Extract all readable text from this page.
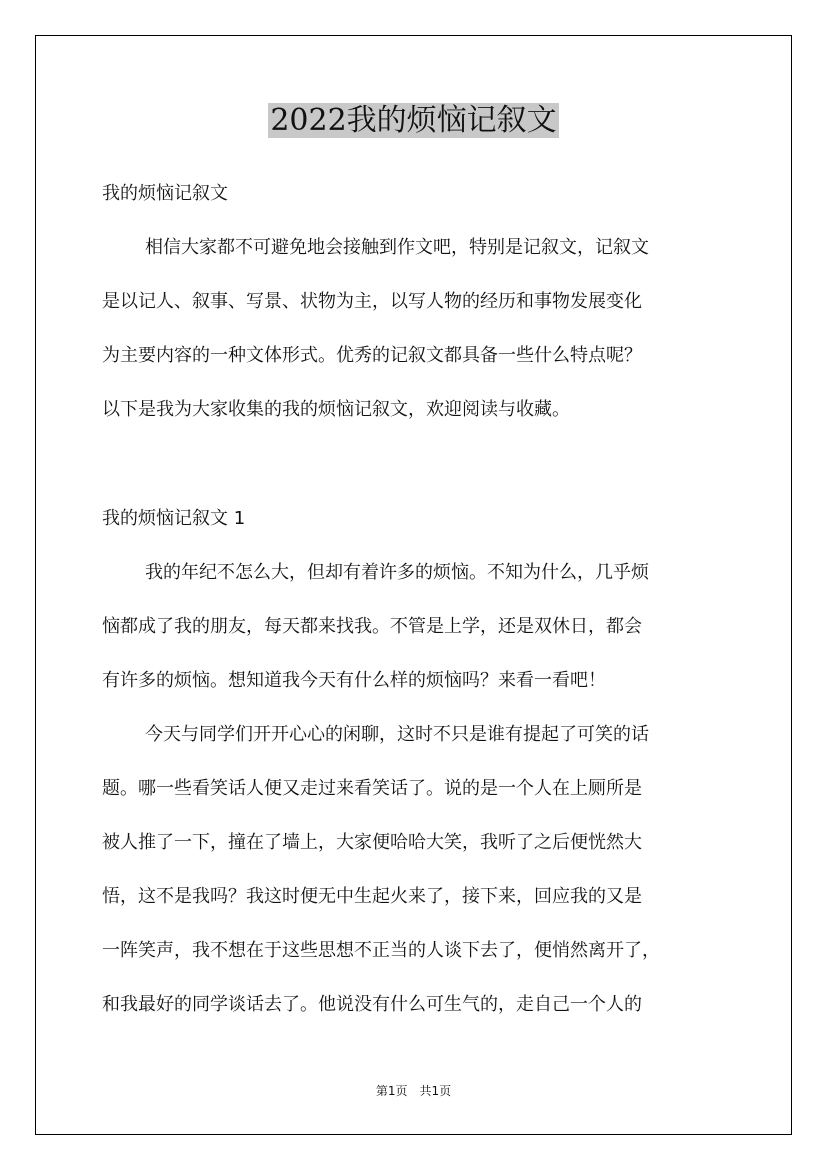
2022我的烦恼记叙文
我的烦恼记叙文
相信大家都不可避免地会接触到作文吧，特别是记叙文，记叙文
是以记人、叙事、写景、状物为主，以写人物的经历和事物发展变化
为主要内容的一种文体形式。优秀的记叙文都具备一些什么特点呢？
以下是我为大家收集的我的烦恼记叙文，欢迎阅读与收藏。
我的烦恼记叙文 1
我的年纪不怎么大，但却有着许多的烦恼。不知为什么，几乎烦
恼都成了我的朋友，每天都来找我。不管是上学，还是双休日，都会
有许多的烦恼。想知道我今天有什么样的烦恼吗？来看一看吧！
今天与同学们开开心心的闲聊，这时不只是谁有提起了可笑的话
题。哪一些看笑话人便又走过来看笑话了。说的是一个人在上厕所是
被人推了一下，撞在了墙上，大家便哈哈大笑，我听了之后便恍然大
悟，这不是我吗？我这时便无中生起火来了，接下来，回应我的又是
一阵笑声，我不想在于这些思想不正当的人谈下去了，便悄然离开了，
和我最好的同学谈话去了。他说没有什么可生气的，走自己一个人的
第1页　共1页
